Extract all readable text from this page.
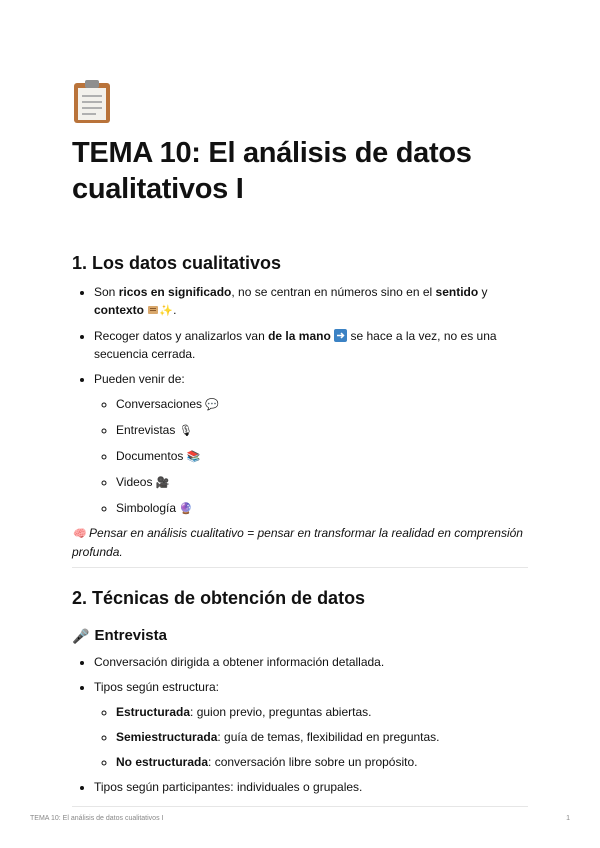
TEMA 10: El análisis de datos cualitativos I
1. Los datos cualitativos
• Son ricos en significado, no se centran en números sino en el sentido y contexto ✨.
• Recoger datos y analizarlos van de la mano  se hace a la vez, no es una secuencia cerrada.
• Pueden venir de:
◦ Conversaciones 💬
◦ Entrevistas 🎙
◦ Documentos 📚
◦ Videos 🎥
◦ Simbología 🔮
🧠 Pensar en análisis cualitativo = pensar en transformar la realidad en comprensión profunda.
2. Técnicas de obtención de datos
🎤 Entrevista
• Conversación dirigida a obtener información detallada.
• Tipos según estructura:
◦ Estructurada: guion previo, preguntas abiertas.
◦ Semiestructurada: guía de temas, flexibilidad en preguntas.
◦ No estructurada: conversación libre sobre un propósito.
• Tipos según participantes: individuales o grupales.
TEMA 10: El análisis de datos cualitativos I	1
